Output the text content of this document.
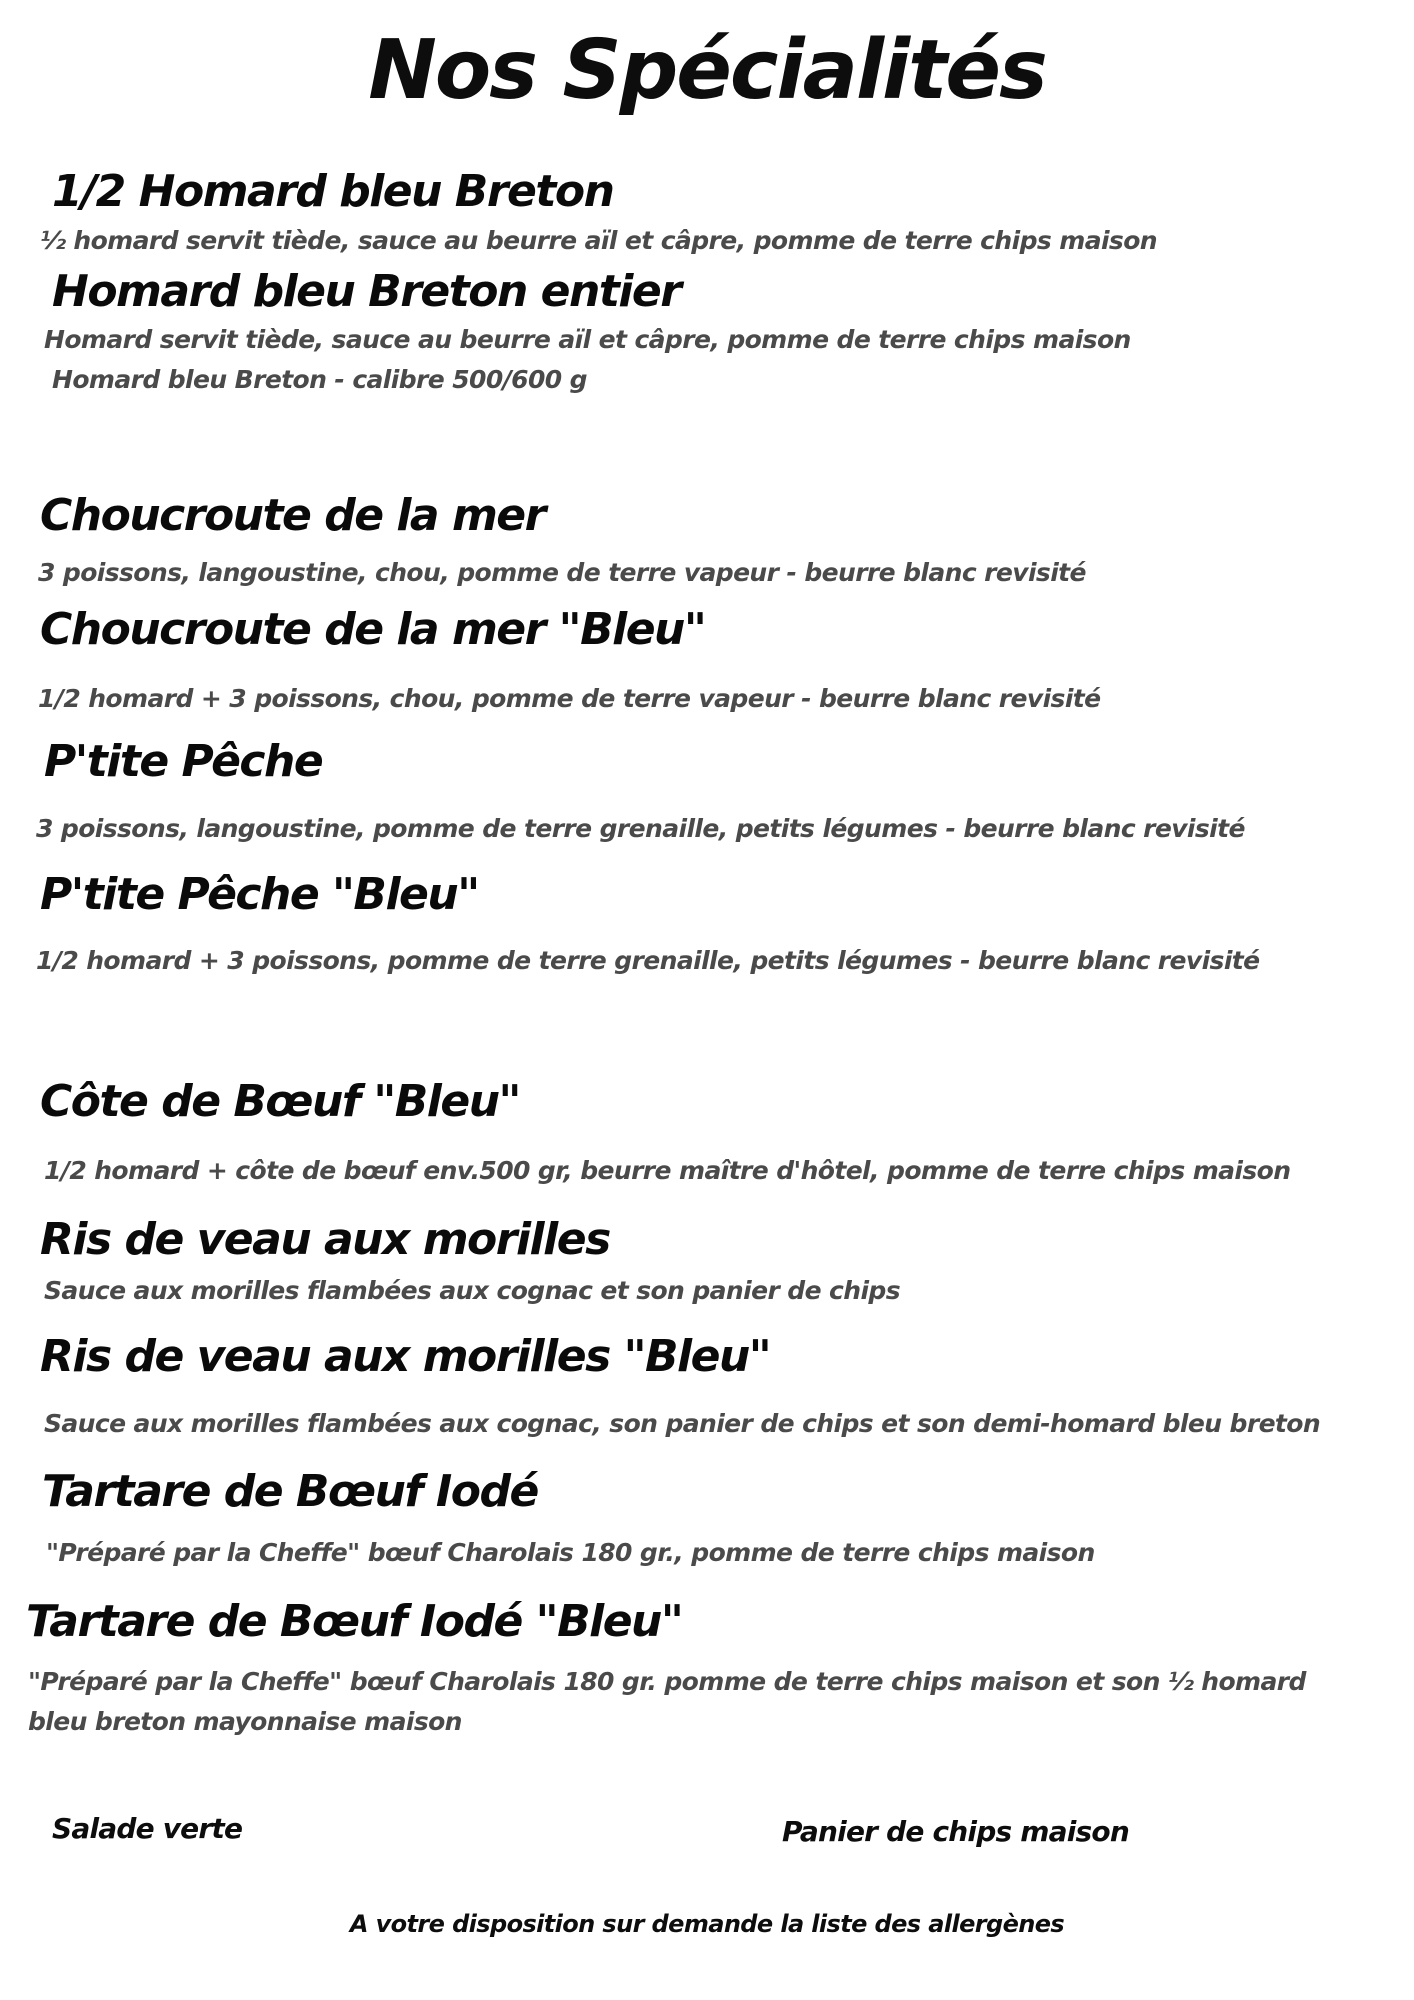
Nos Spécialités
1/2 Homard bleu Breton
½ homard servit tiède, sauce au beurre aïl et câpre, pomme de terre chips maison
Homard bleu Breton entier
Homard servit tiède, sauce au beurre aïl et câpre, pomme de terre chips maison
Homard bleu Breton - calibre 500/600 g
Choucroute de la mer
3 poissons, langoustine, chou, pomme de terre vapeur - beurre blanc revisité
Choucroute de la mer "Bleu"
1/2 homard + 3 poissons, chou, pomme de terre vapeur - beurre blanc revisité
P'tite Pêche
3 poissons, langoustine, pomme de terre grenaille, petits légumes - beurre blanc revisité
P'tite Pêche "Bleu"
1/2 homard + 3 poissons, pomme de terre grenaille, petits légumes - beurre blanc revisité
Côte de Bœuf "Bleu"
1/2 homard + côte de bœuf env.500 gr, beurre maître d'hôtel, pomme de terre chips maison
Ris de veau aux morilles
Sauce aux morilles flambées aux cognac et son panier de chips
Ris de veau aux morilles "Bleu"
Sauce aux morilles flambées aux cognac, son panier de chips et son demi-homard bleu breton
Tartare de Bœuf Iodé
"Préparé par la Cheffe" bœuf Charolais 180 gr., pomme de terre chips maison
Tartare de Bœuf Iodé "Bleu"
"Préparé par la Cheffe" bœuf Charolais 180 gr. pomme de terre chips maison et son ½ homard bleu breton mayonnaise maison
Salade verte	Panier de chips maison
A votre disposition sur demande la liste des allergènes
